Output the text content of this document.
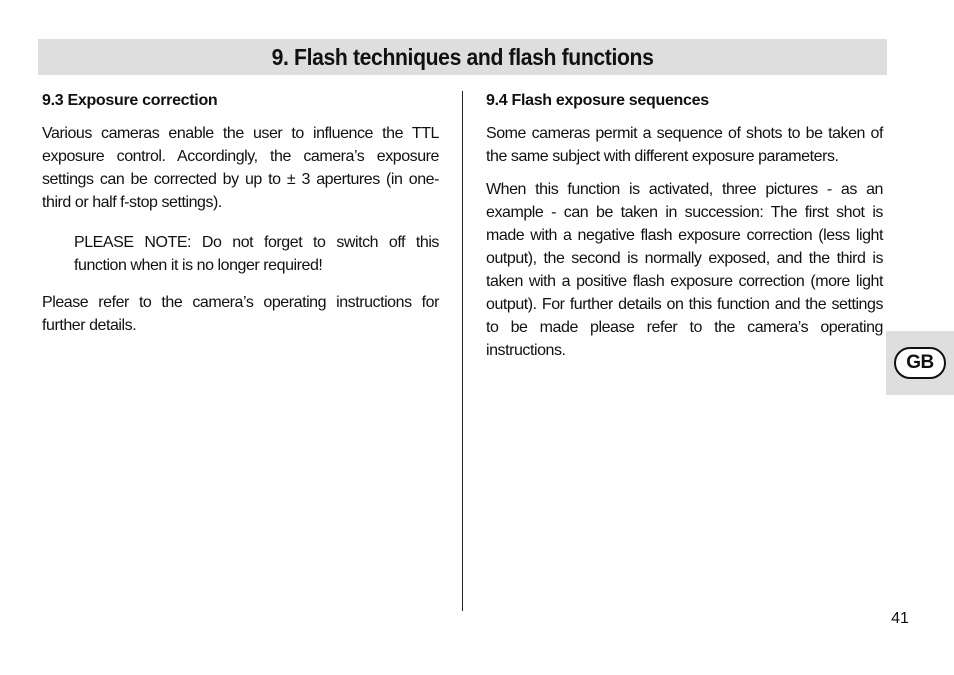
9. Flash techniques and flash functions
9.3 Exposure correction

Various cameras enable the user to influence the TTL exposure control. Accordingly, the camera’s exposure settings can be corrected by up to ± 3 apertures (in one-third or half f-stop settings).

PLEASE NOTE: Do not forget to switch off this function when it is no longer required!

Please refer to the camera’s operating instructions for further details.

9.4 Flash exposure sequences

Some cameras permit a sequence of shots to be taken of the same subject with different exposure parameters.

When this function is activated, three pictures - as an example - can be taken in succession: The first shot is made with a negative flash exposure correction (less light output), the second is normally exposed, and the third is taken with a positive flash exposure correction (more light output). For further details on this function and the settings to be made please refer to the camera’s operating instructions.

GB
41
